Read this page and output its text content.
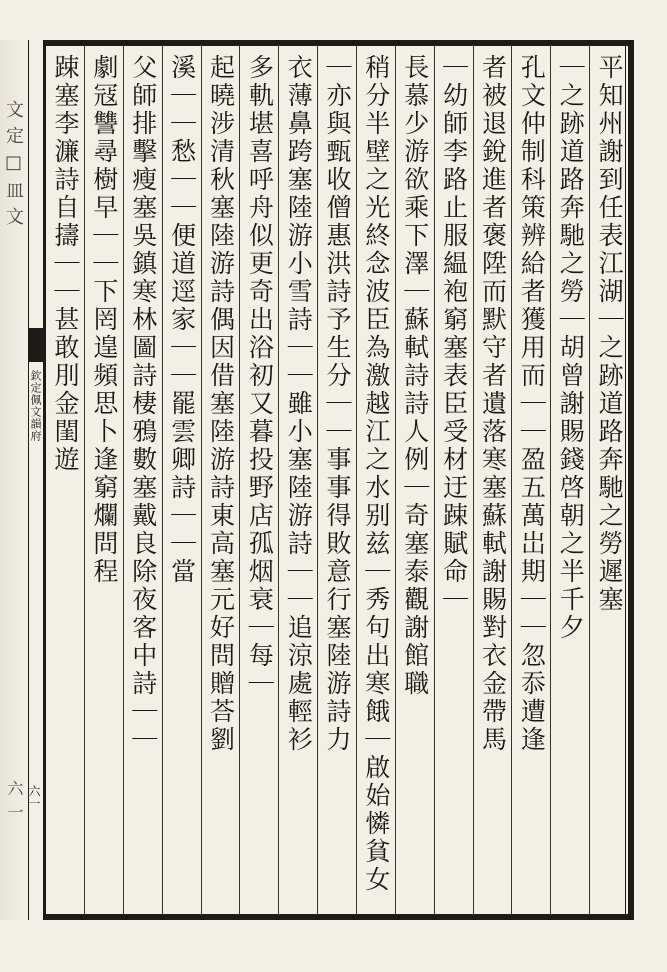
文定□皿文
六一
欽定佩文韻府
六一
平知州謝到任表江湖｜之跡道路奔馳之勞遲塞
｜之跡道路奔馳之勞｜胡曾謝賜錢啓朝之半千夕
孔文仲制科策辨給者獲用而｜｜盈五萬岀期｜｜忽忝遭逢
者被退銳進者褒陞而默守者遺落寒塞蘇軾謝賜對衣金帶馬
｜幼師李路止服緼袍窮塞表臣受材迂踈賦命｜
長慕少游欲乘下澤｜蘇軾詩詩人例｜奇塞泰觀謝館職
稍分半壁之光終念波臣為激越江之水别兹｜秀句出寒餓｜啟始憐貧女
｜亦與甄收僧惠洪詩予生分｜｜事事得敗意行塞陸游詩力
衣薄鼻跨塞陸游小雪詩｜｜雖小塞陸游詩｜｜追涼處輕衫
多軌堪喜呼舟似更奇出浴初又暮投野店孤烟衰｜每｜
起曉涉清秋塞陸游詩偶因借塞陸游詩東高塞元好問贈荅劉
溪｜｜愁｜｜便道逕家｜｜罷雲卿詩｜｜當
父師排擊瘦塞吳鎮寒林圖詩棲鴉數塞戴良除夜客中詩｜｜
劇冦讐尋樹早｜｜下罔遑頻思卜逢窮爛問程
踈塞李濂詩自擣｜｜甚敢刖金閨遊
